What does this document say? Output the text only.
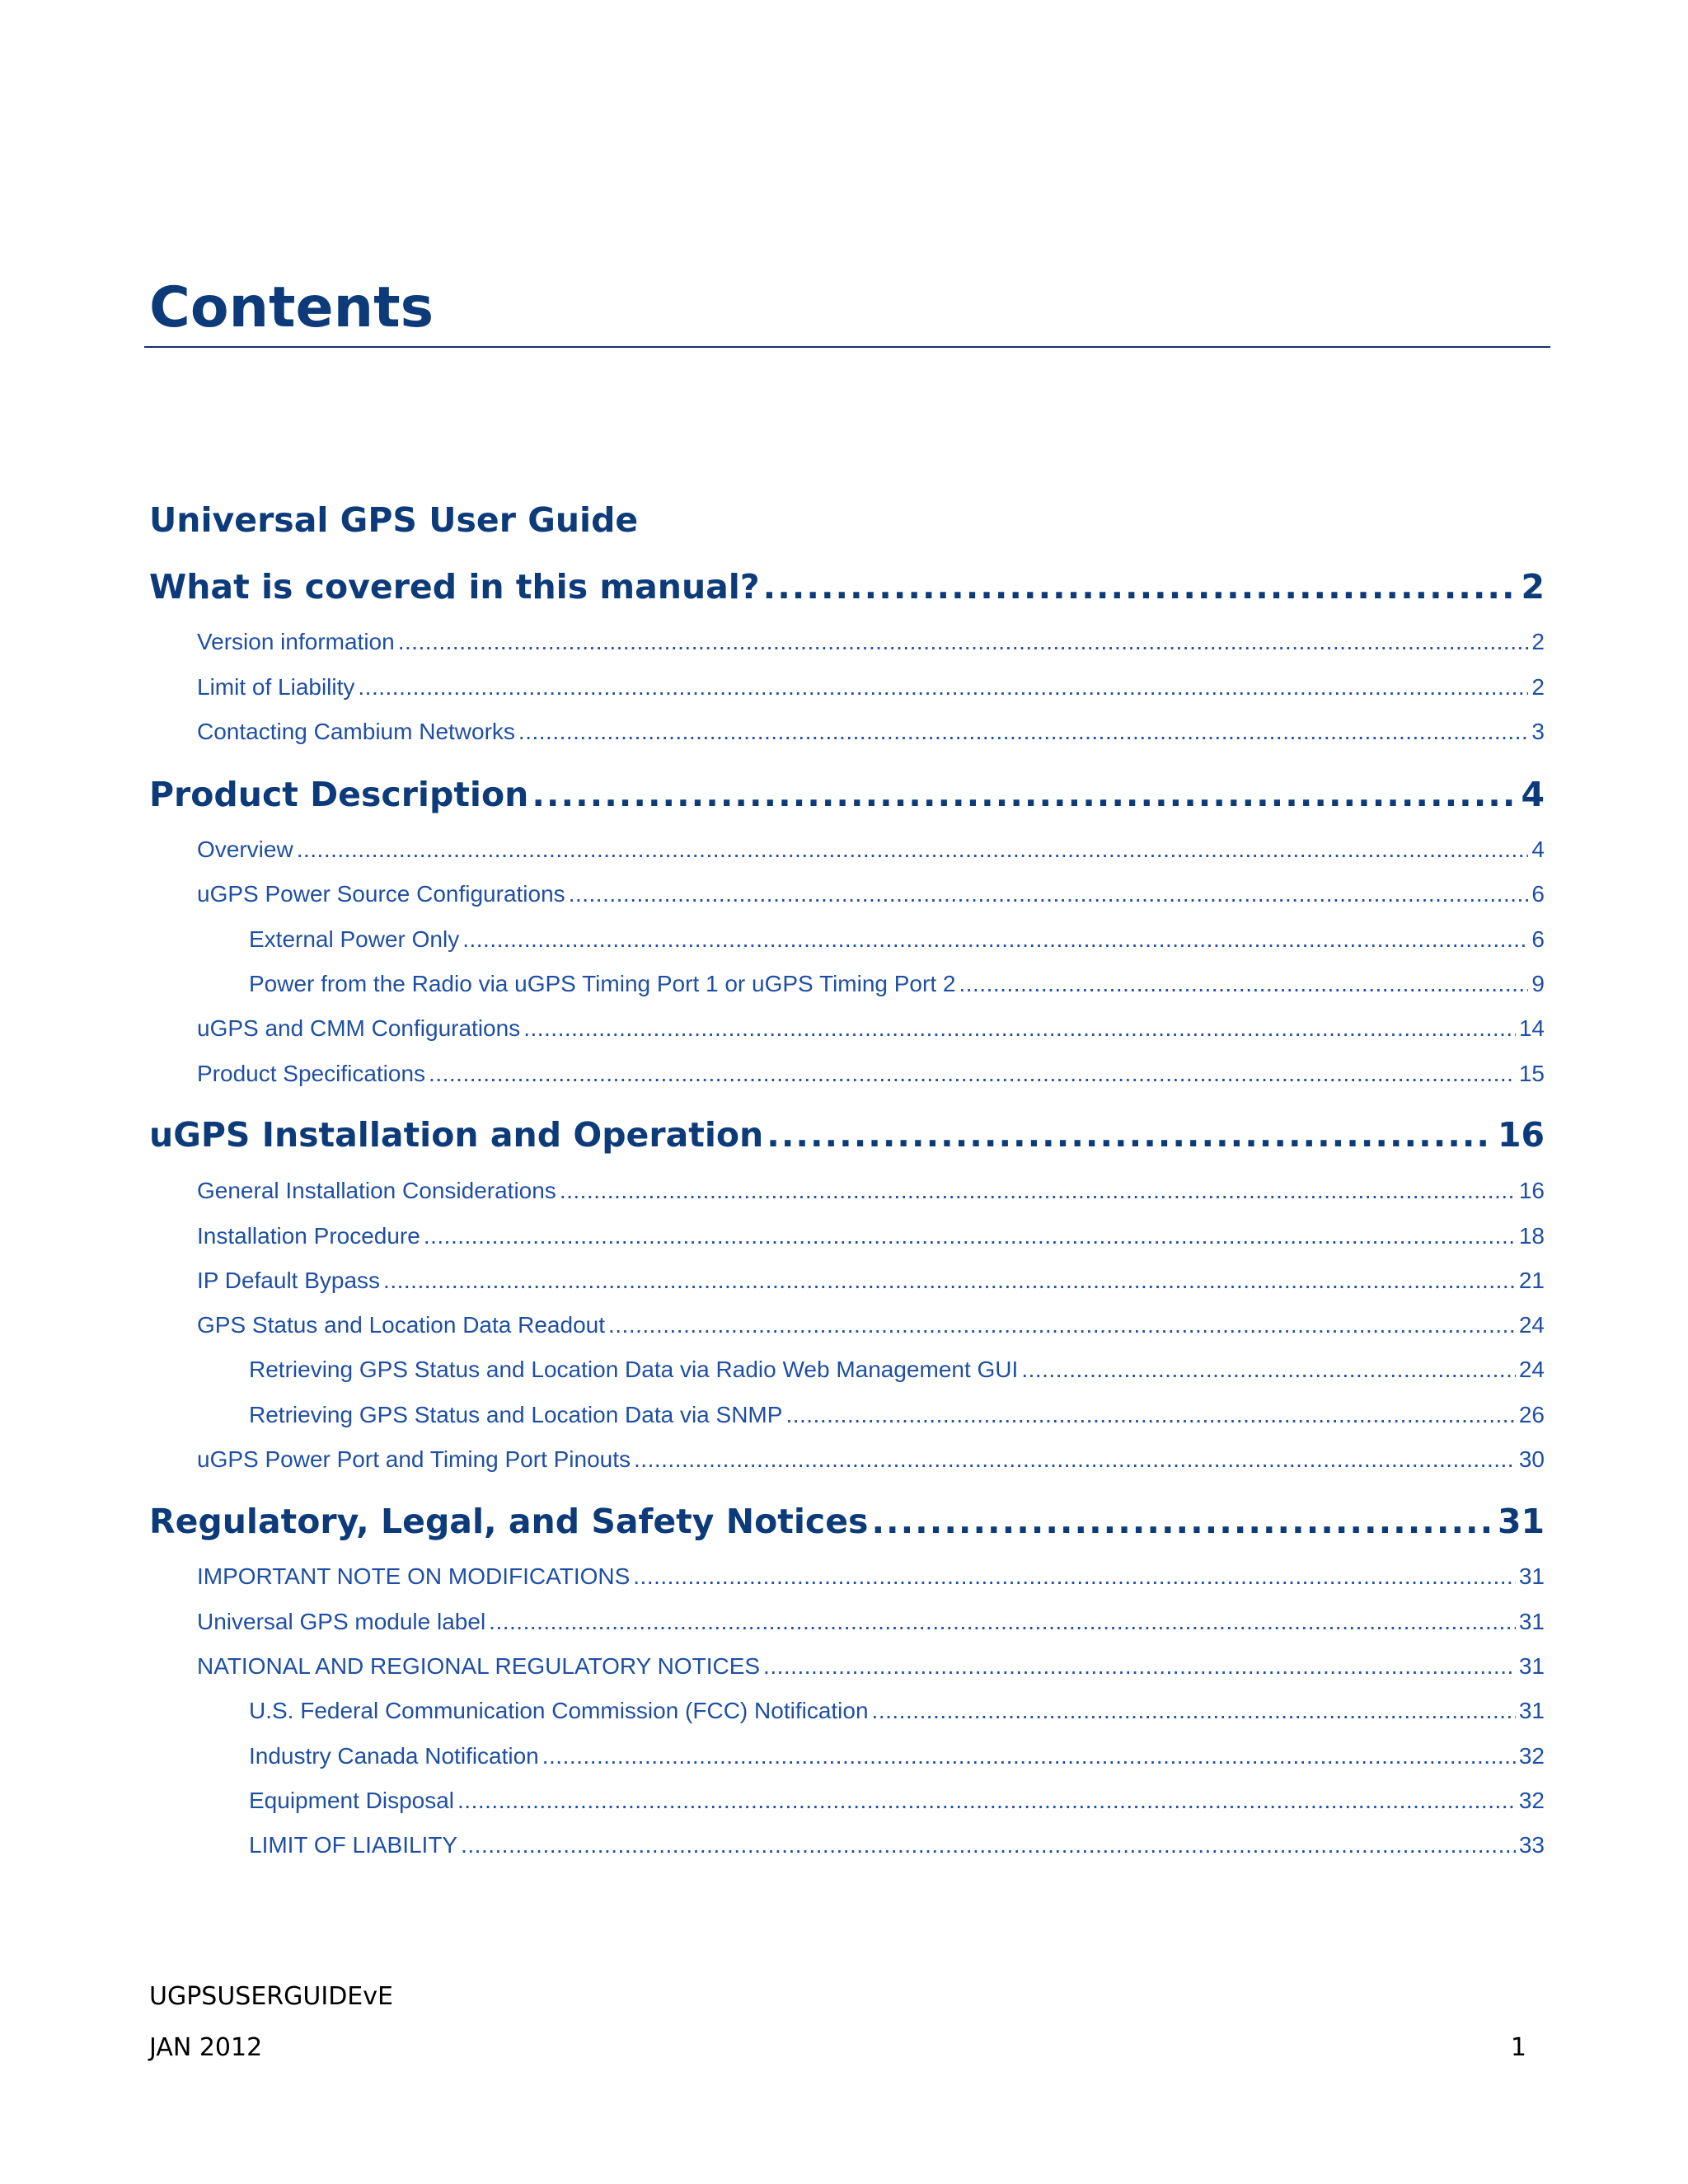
Contents
Universal GPS User Guide
What is covered in this manual? .....	2
Version information .....	2
Limit of Liability .....	2
Contacting Cambium Networks .....	3
Product Description .....	4
Overview .....	4
uGPS Power Source Configurations .....	6
External Power Only .....	6
Power from the Radio via uGPS Timing Port 1 or uGPS Timing Port 2 .....	9
uGPS and CMM Configurations .....	14
Product Specifications .....	15
uGPS Installation and Operation .....	16
General Installation Considerations .....	16
Installation Procedure .....	18
IP Default Bypass .....	21
GPS Status and Location Data Readout .....	24
Retrieving GPS Status and Location Data via Radio Web Management GUI .....	24
Retrieving GPS Status and Location Data via SNMP .....	26
uGPS Power Port and Timing Port Pinouts .....	30
Regulatory, Legal, and Safety Notices .....	31
IMPORTANT NOTE ON MODIFICATIONS .....	31
Universal GPS module label .....	31
NATIONAL AND REGIONAL REGULATORY NOTICES .....	31
U.S. Federal Communication Commission (FCC) Notification .....	31
Industry Canada Notification .....	32
Equipment Disposal .....	32
LIMIT OF LIABILITY .....	33
UGPSUSERGUIDEvE
JAN 2012	1
